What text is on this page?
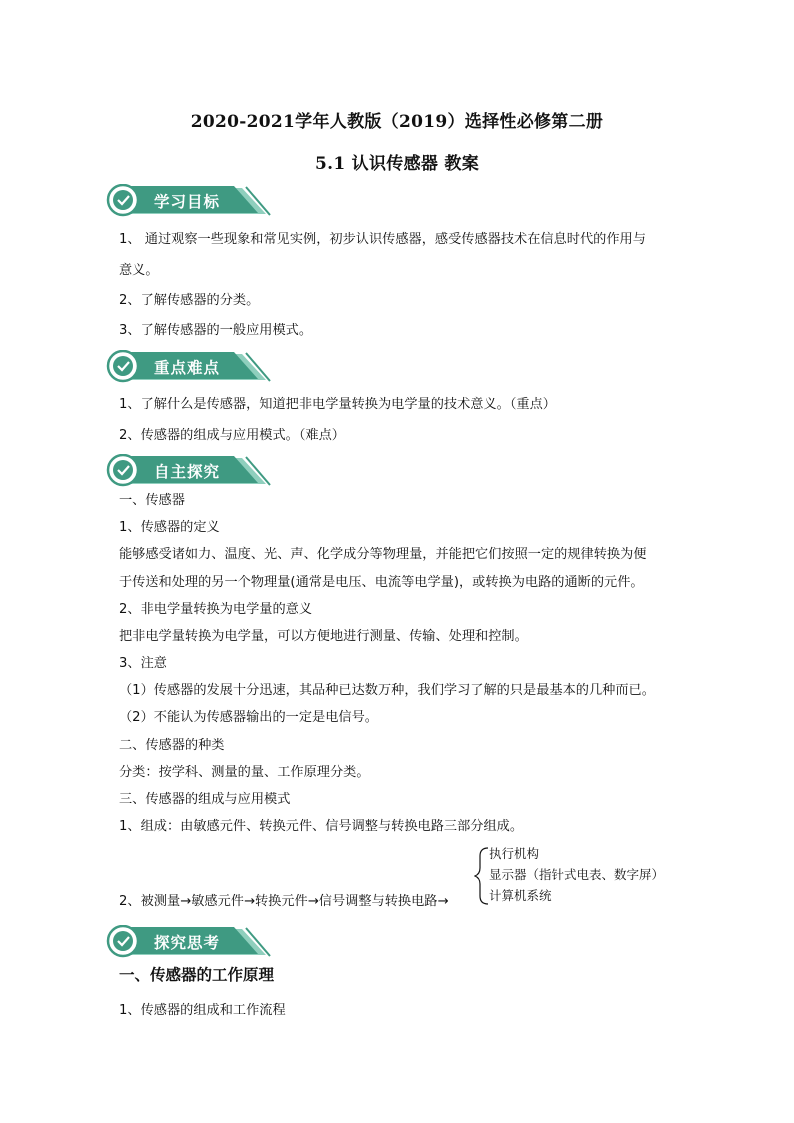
2020-2021学年人教版（2019）选择性必修第二册
5.1 认识传感器 教案
学习目标
1、 通过观察一些现象和常见实例，初步认识传感器，感受传感器技术在信息时代的作用与
意义。
2、了解传感器的分类。
3、了解传感器的一般应用模式。
重点难点
1、了解什么是传感器，知道把非电学量转换为电学量的技术意义。（重点）
2、传感器的组成与应用模式。（难点）
自主探究
一、传感器
1、传感器的定义
能够感受诸如力、温度、光、声、化学成分等物理量，并能把它们按照一定的规律转换为便
于传送和处理的另一个物理量(通常是电压、电流等电学量)，或转换为电路的通断的元件。
2、非电学量转换为电学量的意义
把非电学量转换为电学量，可以方便地进行测量、传输、处理和控制。
3、注意
（1）传感器的发展十分迅速，其品种已达数万种，我们学习了解的只是最基本的几种而已。
（2）不能认为传感器输出的一定是电信号。
二、传感器的种类
分类：按学科、测量的量、工作原理分类。
三、传感器的组成与应用模式
1、组成：由敏感元件、转换元件、信号调整与转换电路三部分组成。
2、被测量→敏感元件→转换元件→信号调整与转换电路→
执行机构
显示器（指针式电表、数字屏）
计算机系统
探究思考
一、传感器的工作原理
1、传感器的组成和工作流程
